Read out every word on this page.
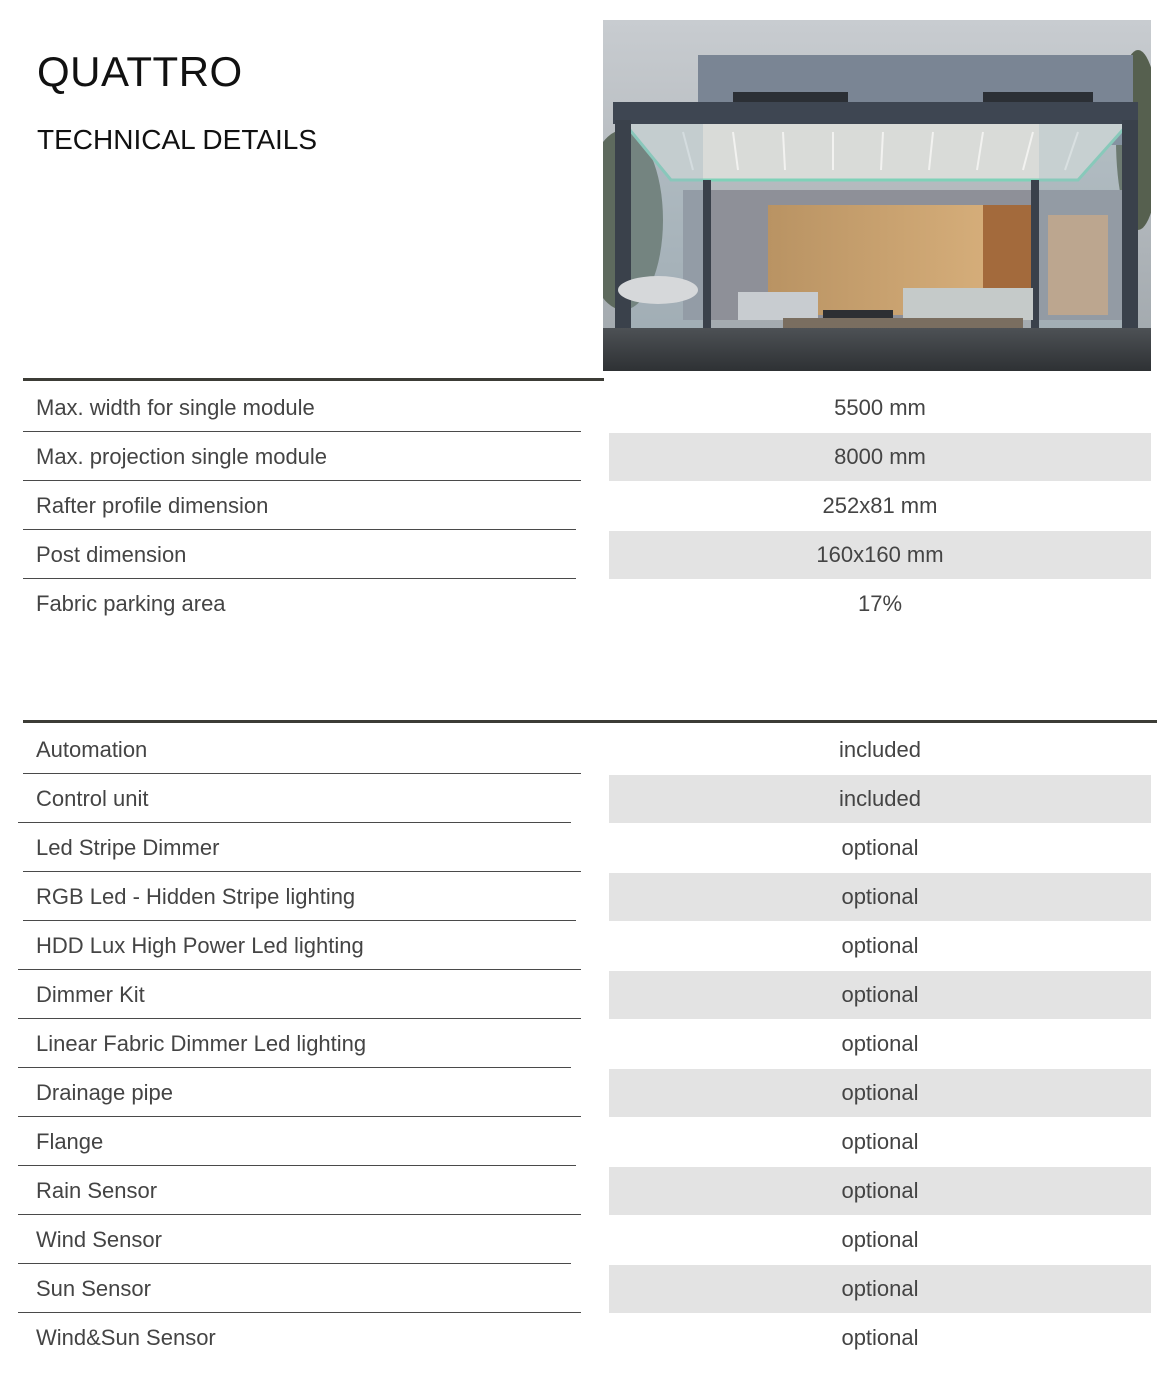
QUATTRO
TECHNICAL DETAILS
Max. width for single module	5500 mm
Max. projection single module	8000 mm
Rafter profile dimension	252x81 mm
Post dimension	160x160 mm
Fabric parking area	17%
Automation	included
Control unit	included
Led Stripe Dimmer	optional
RGB Led - Hidden Stripe lighting	optional
HDD Lux High Power Led lighting	optional
Dimmer Kit	optional
Linear Fabric Dimmer Led lighting	optional
Drainage pipe	optional
Flange	optional
Rain Sensor	optional
Wind Sensor	optional
Sun Sensor	optional
Wind&Sun Sensor	optional
